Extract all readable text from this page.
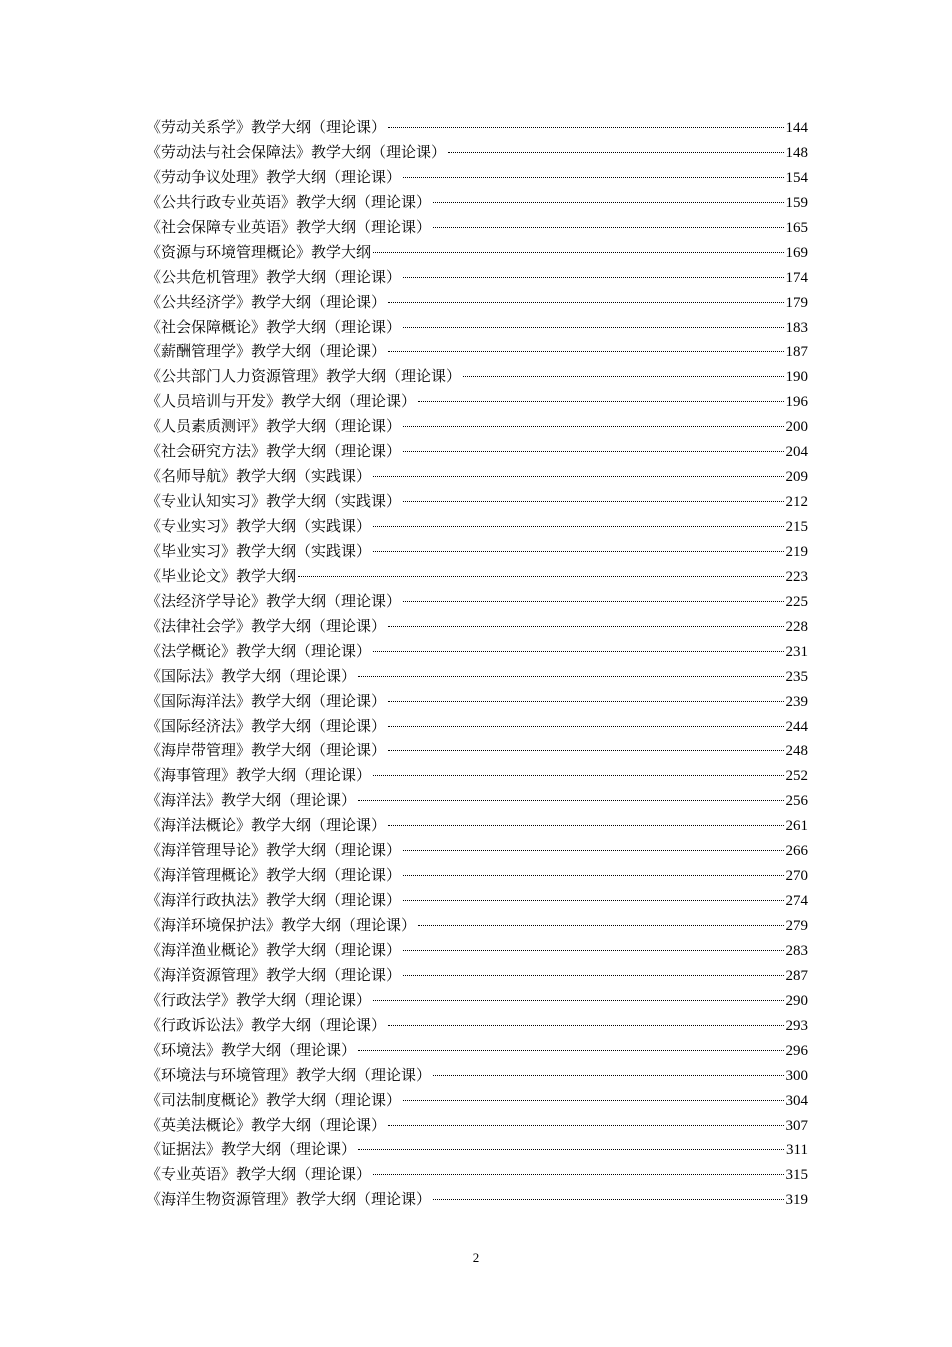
《劳动关系学》教学大纲（理论课）	144
《劳动法与社会保障法》教学大纲（理论课）	148
《劳动争议处理》教学大纲（理论课）	154
《公共行政专业英语》教学大纲（理论课）	159
《社会保障专业英语》教学大纲（理论课）	165
《资源与环境管理概论》教学大纲	169
《公共危机管理》教学大纲（理论课）	174
《公共经济学》教学大纲（理论课）	179
《社会保障概论》教学大纲（理论课）	183
《薪酬管理学》教学大纲（理论课）	187
《公共部门人力资源管理》教学大纲（理论课）	190
《人员培训与开发》教学大纲（理论课）	196
《人员素质测评》教学大纲（理论课）	200
《社会研究方法》教学大纲（理论课）	204
《名师导航》教学大纲（实践课）	209
《专业认知实习》教学大纲（实践课）	212
《专业实习》教学大纲（实践课）	215
《毕业实习》教学大纲（实践课）	219
《毕业论文》教学大纲	223
《法经济学导论》教学大纲（理论课）	225
《法律社会学》教学大纲（理论课）	228
《法学概论》教学大纲（理论课）	231
《国际法》教学大纲（理论课）	235
《国际海洋法》教学大纲（理论课）	239
《国际经济法》教学大纲（理论课）	244
《海岸带管理》教学大纲（理论课）	248
《海事管理》教学大纲（理论课）	252
《海洋法》教学大纲（理论课）	256
《海洋法概论》教学大纲（理论课）	261
《海洋管理导论》教学大纲（理论课）	266
《海洋管理概论》教学大纲（理论课）	270
《海洋行政执法》教学大纲（理论课）	274
《海洋环境保护法》教学大纲（理论课）	279
《海洋渔业概论》教学大纲（理论课）	283
《海洋资源管理》教学大纲（理论课）	287
《行政法学》教学大纲（理论课）	290
《行政诉讼法》教学大纲（理论课）	293
《环境法》教学大纲（理论课）	296
《环境法与环境管理》教学大纲（理论课）	300
《司法制度概论》教学大纲（理论课）	304
《英美法概论》教学大纲（理论课）	307
《证据法》教学大纲（理论课）	311
《专业英语》教学大纲（理论课）	315
《海洋生物资源管理》教学大纲（理论课）	319
2
